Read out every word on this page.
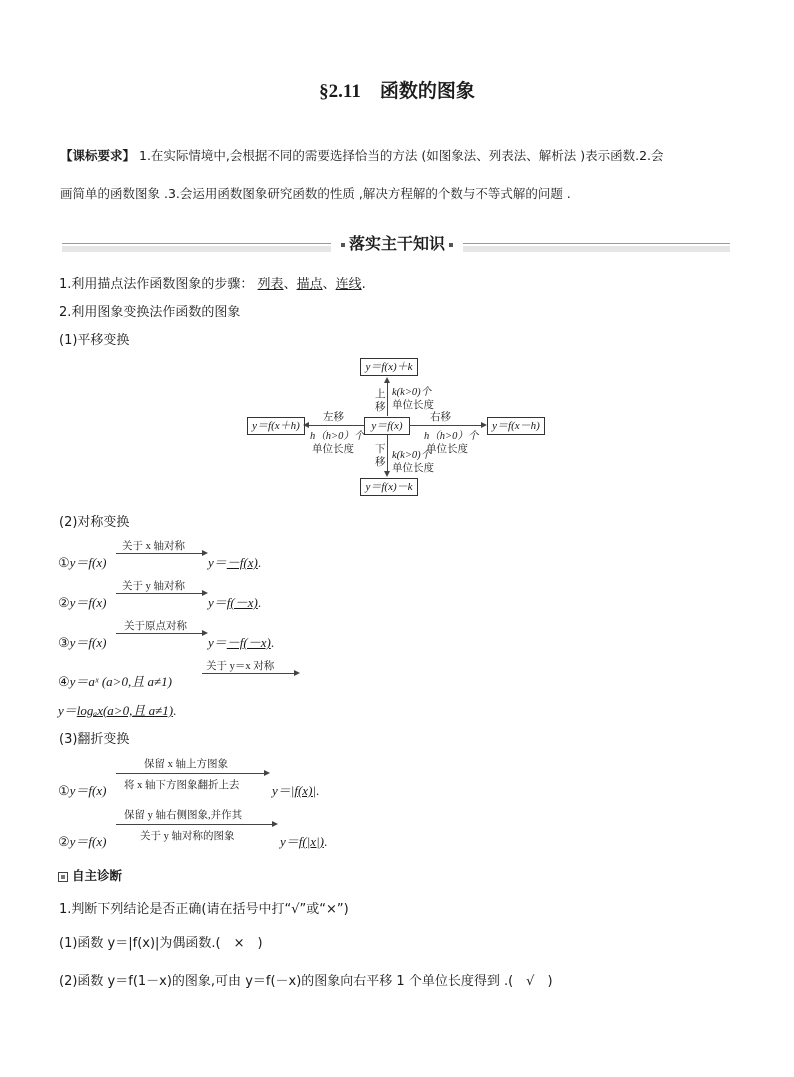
§2.11　函数的图象
【课标要求】 1.在实际情境中,会根据不同的需要选择恰当的方法 (如图象法、列表法、解析法 )表示函数.2.会
画简单的函数图象 .3.会运用函数图象研究函数的性质 ,解决方程解的个数与不等式解的问题 .
落实主干知识
1.利用描点法作函数图象的步骤： 列表、描点、连线.
2.利用图象变换法作函数的图象
(1)平移变换
y＝f(x)＋k
y＝f(x)
y＝f(x)－k
y＝f(x＋h)	y＝f(x－h)
上
移
k(k>0)个
单位长度
下
移
k(k>0)个
单位长度
左移
h（h>0）个
单位长度
右移
h（h>0）个
单位长度
(2)对称变换
①y＝f(x)
关于 x 轴对称
y＝－f(x).
②y＝f(x)
关于 y 轴对称
y＝f(－x).
③y＝f(x)
关于原点对称
y＝－f(－x).
④y＝aˣ (a>0,且 a≠1)
关于 y＝x 对称
y＝logₐx(a>0,且 a≠1).
(3)翻折变换
①y＝f(x)
保留 x 轴上方图象
将 x 轴下方图象翻折上去	y＝|f(x)|.
②y＝f(x)
保留 y 轴右侧图象,并作其
关于 y 轴对称的图象	y＝f(|x|).
自主诊断
1.判断下列结论是否正确(请在括号中打“√”或“×”)
(1)函数 y＝|f(x)|为偶函数.(　×　)
(2)函数 y＝f(1－x)的图象,可由 y＝f(－x)的图象向右平移 1 个单位长度得到 .(　√　)
